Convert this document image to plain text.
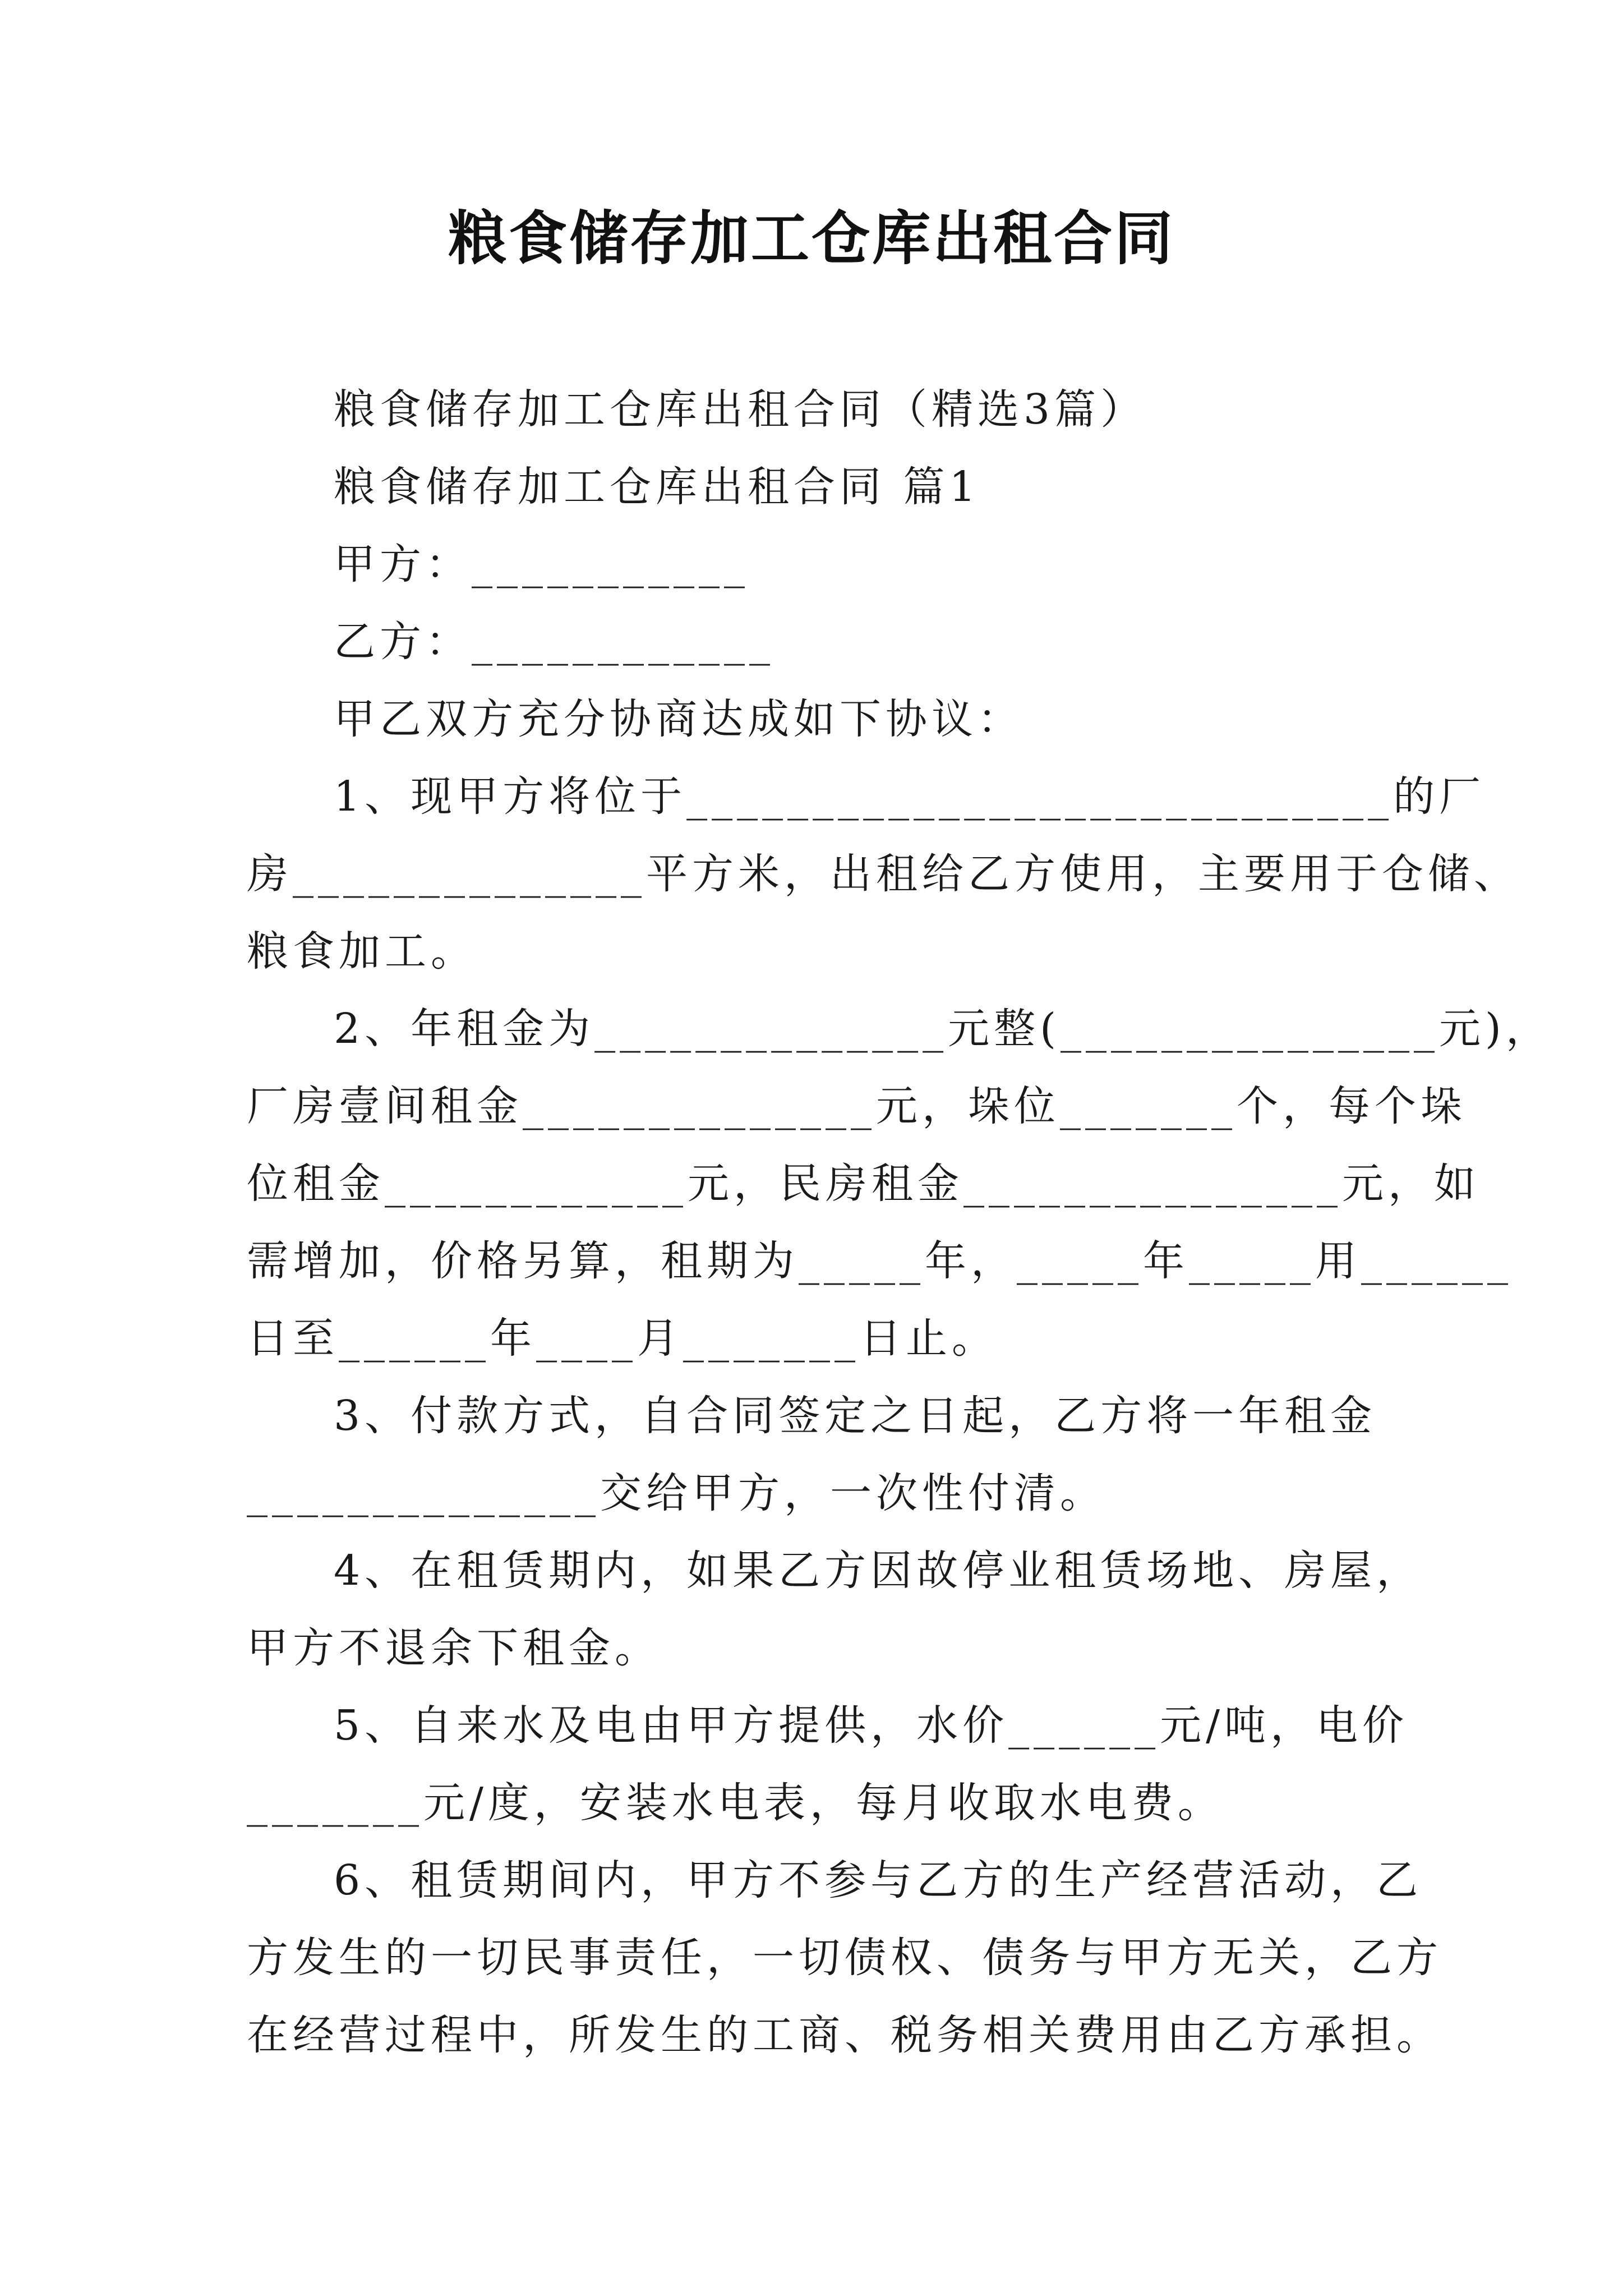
粮食储存加工仓库出租合同
粮食储存加工仓库出租合同（精选3篇）
粮食储存加工仓库出租合同 篇1
甲方：___________
乙方：____________
甲乙双方充分协商达成如下协议：
1、现甲方将位于____________________________的厂
房______________平方米，出租给乙方使用，主要用于仓储、
粮食加工。
2、年租金为______________元整(_______________元)，
厂房壹间租金______________元，垛位_______个，每个垛
位租金____________元，民房租金_______________元，如
需增加，价格另算，租期为_____年，_____年_____用______
日至______年____月_______日止。
3、付款方式，自合同签定之日起，乙方将一年租金
______________交给甲方，一次性付清。
4、在租赁期内，如果乙方因故停业租赁场地、房屋，
甲方不退余下租金。
5、自来水及电由甲方提供，水价______元/吨，电价
_______元/度，安装水电表，每月收取水电费。
6、租赁期间内，甲方不参与乙方的生产经营活动，乙
方发生的一切民事责任，一切债权、债务与甲方无关，乙方
在经营过程中，所发生的工商、税务相关费用由乙方承担。
